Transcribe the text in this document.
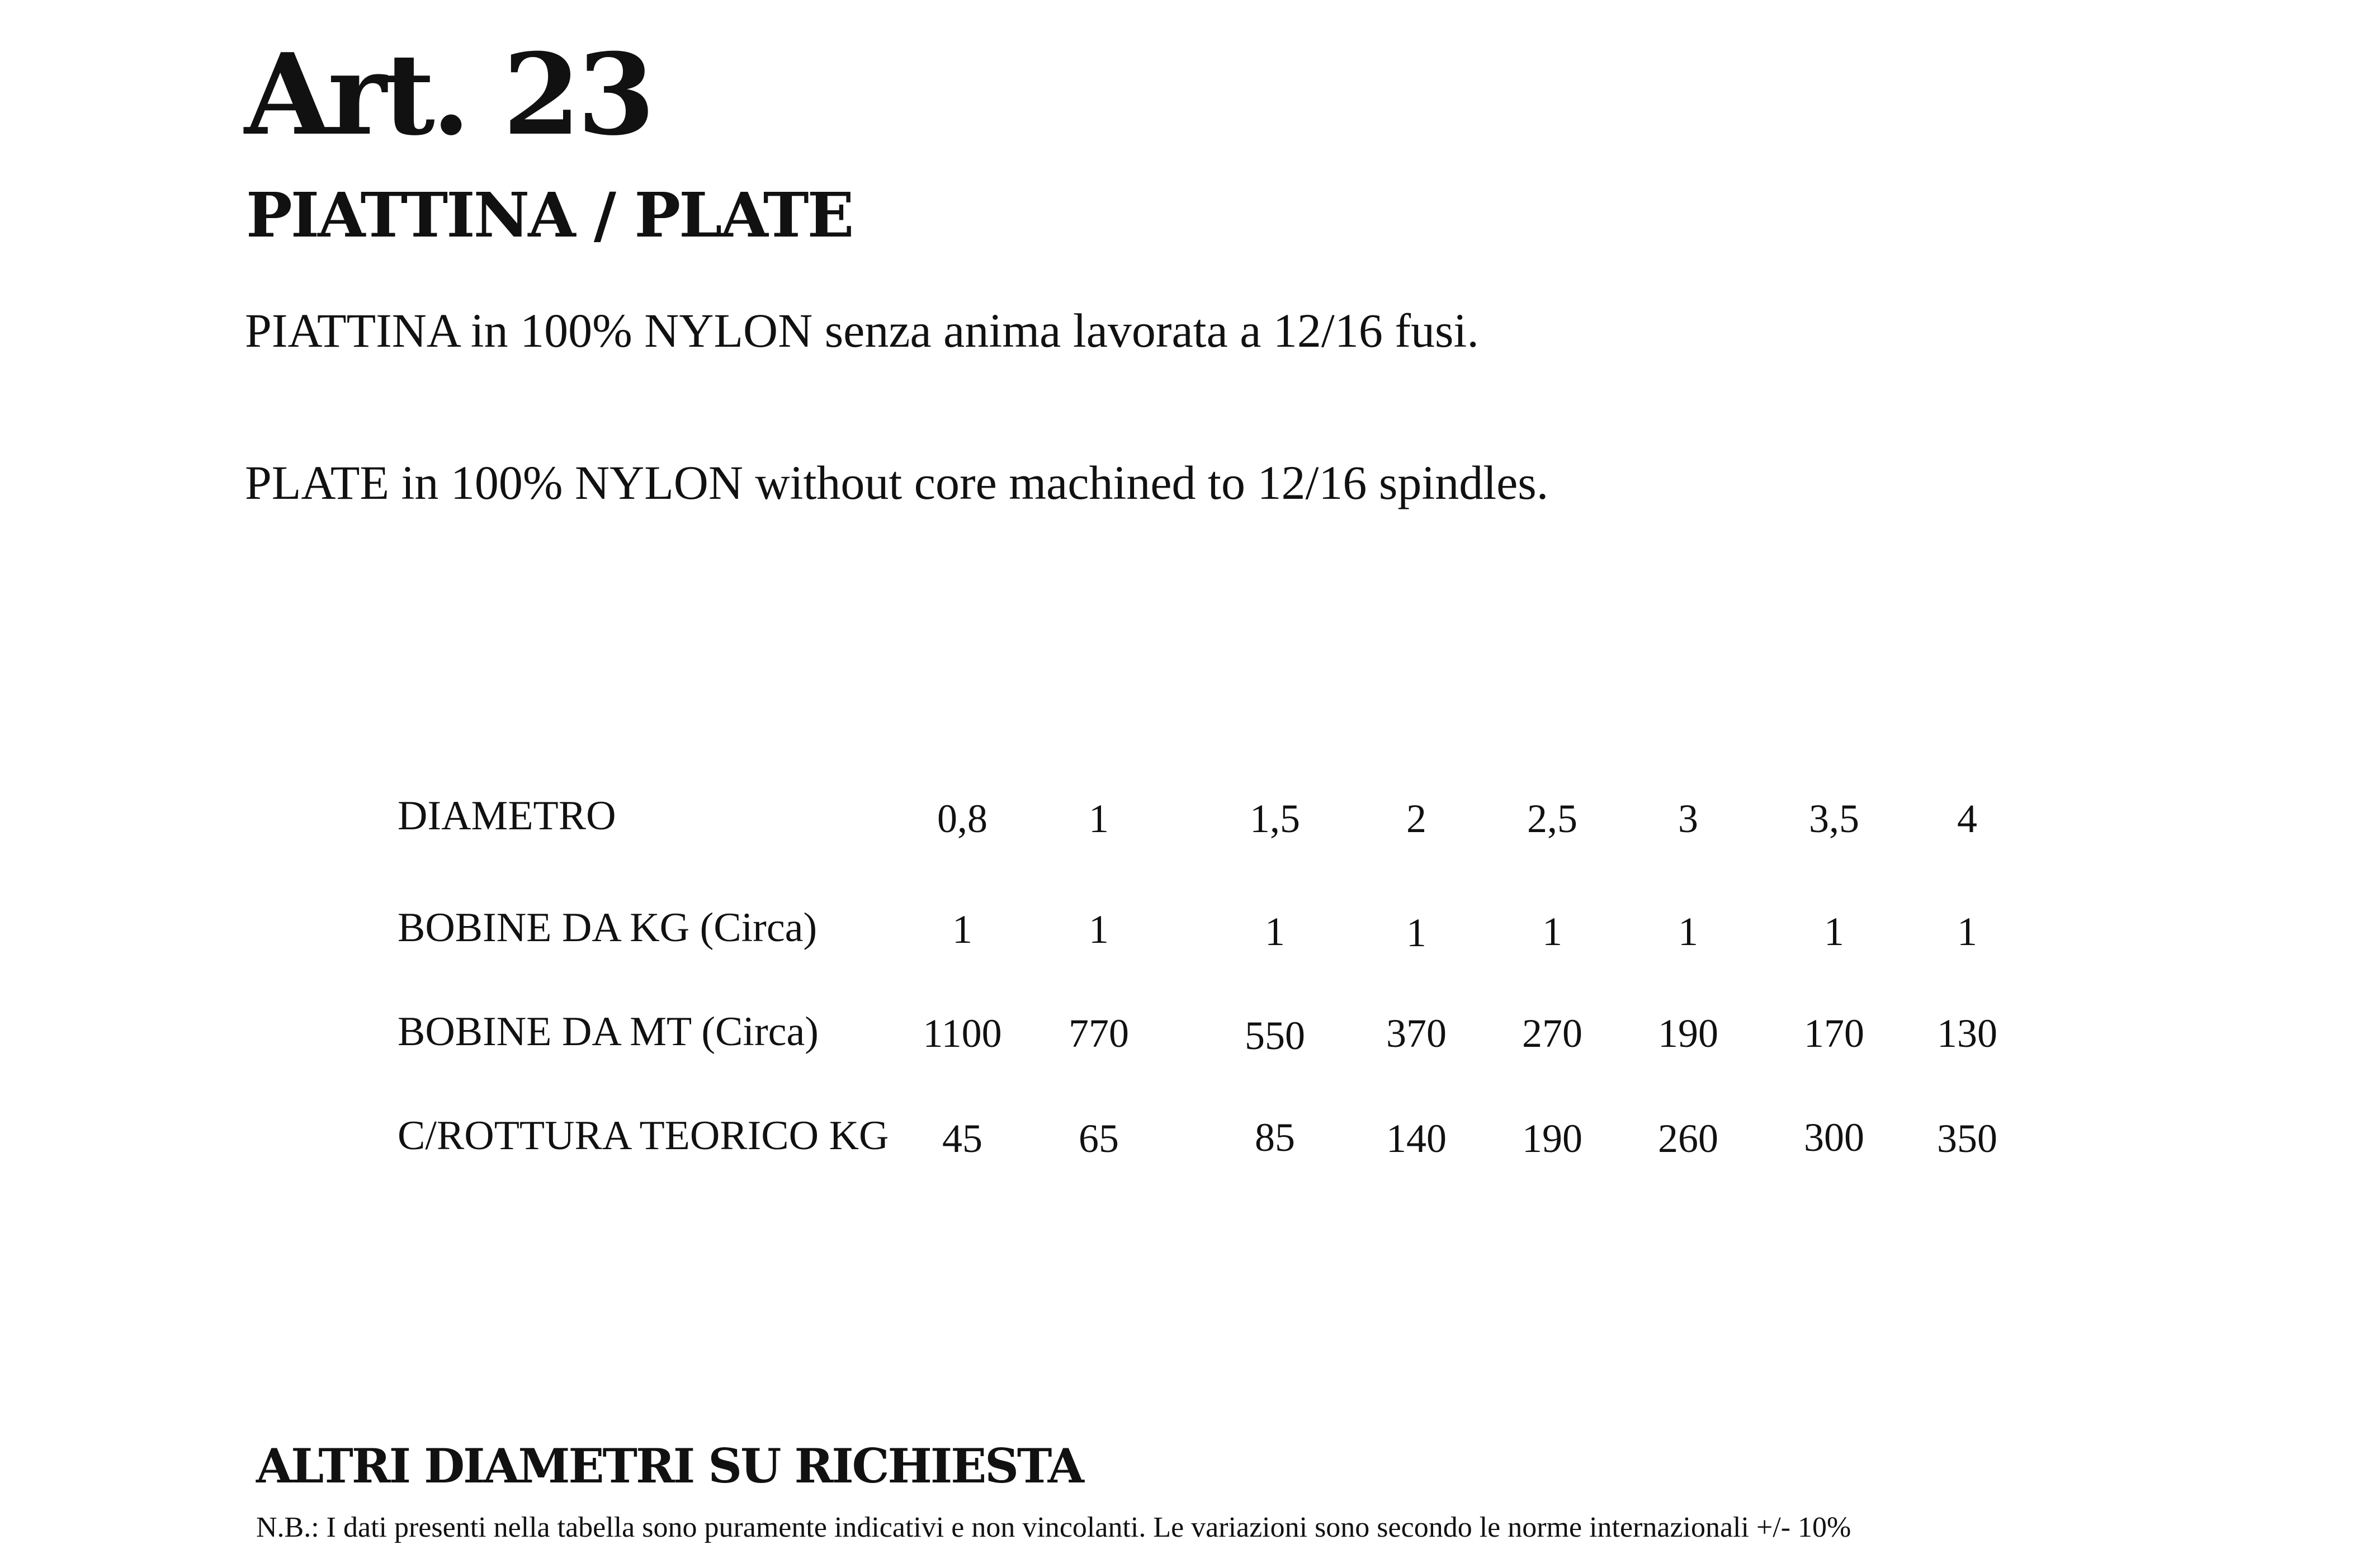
Art. 23
PIATTINA / PLATE
PIATTINA in 100% NYLON senza anima lavorata a 12/16 fusi.
PLATE in 100% NYLON without core machined to 12/16 spindles.
DIAMETRO	0,8	1	1,5	2	2,5	3	3,5	4
BOBINE DA KG (Circa)	1	1	1	1	1	1	1	1
BOBINE DA MT (Circa)	1100	770	550	370	270	190	170	130
C/ROTTURA TEORICO KG	45	65	85	140	190	260	300	350
ALTRI DIAMETRI SU RICHIESTA
N.B.: I dati presenti nella tabella sono puramente indicativi e non vincolanti. Le variazioni sono secondo le norme internazionali +/- 10%
